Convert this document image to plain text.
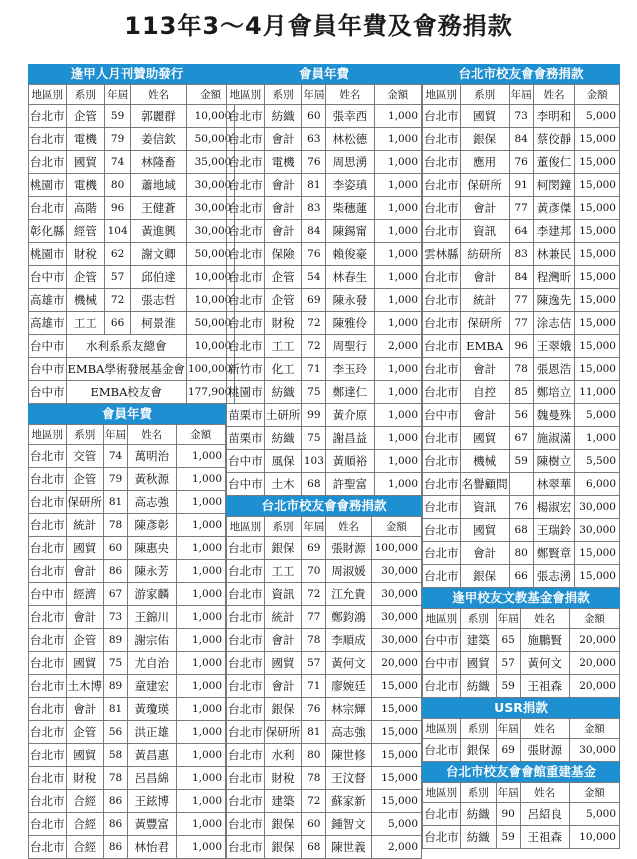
113年3～4月會員年費及會務捐款
逢甲人月刊贊助發行
地區別	系別	年屆	姓名	金額
台北市	企管	59	郭麗群	10,000
台北市	電機	79	姜信欽	50,000
台北市	國貿	74	林隆畜	35,000
桃園市	電機	80	蕭地域	30,000
台北市	高階	96	王健蒼	30,000
彰化縣	經管	104	黃進興	30,000
桃園市	財稅	62	謝文卿	50,000
台中市	企管	57	邱伯達	10,000
高雄市	機械	72	張志哲	10,000
高雄市	工工	66	柯景淮	50,000
台中市	水利系系友總會			10,000
台中市	EMBA學術發展基金會			100,000
台中市	EMBA校友會			177,900
會員年費
地區別	系別	年屆	姓名	金額
台北市	交管	74	萬明治	1,000
台北市	企管	79	黃秋源	1,000
台北市	保研所	81	高志強	1,000
台北市	統計	78	陳彥彰	1,000
台北市	國貿	60	陳惠央	1,000
台北市	會計	86	陳永芳	1,000
台中市	經濟	67	游家麟	1,000
台北市	會計	73	王錦川	1,000
台北市	企管	89	謝宗佑	1,000
台北市	國貿	75	尤自治	1,000
台北市	土木博	89	童建宏	1,000
台北市	會計	81	黃瓊瑛	1,000
台北市	企管	56	洪正雄	1,000
台北市	國貿	58	黃昌惠	1,000
台北市	財稅	78	呂昌綿	1,000
台北市	合經	86	王鉉博	1,000
台北市	合經	86	黃豐富	1,000
台北市	合經	86	林怡君	1,000
會員年費
地區別	系別	年屆	姓名	金額
台北市	紡織	60	張幸西	1,000
台北市	會計	63	林松德	1,000
台北市	電機	76	周思湧	1,000
台北市	會計	81	李姿瑱	1,000
台北市	會計	83	柴穗蓮	1,000
台北市	會計	84	陳錫甯	1,000
台北市	保險	76	賴俊豪	1,000
台北市	企管	54	林春生	1,000
台北市	企管	69	陳永發	1,000
台北市	財稅	72	陳雅伶	1,000
台北市	工工	72	周聖行	2,000
新竹市	化工	71	李玉玲	1,000
桃園市	紡織	75	鄭達仁	1,000
苗栗市	土研所	99	黃介原	1,000
苗栗市	紡織	75	謝昌益	1,000
台中市	風保	103	黃順裕	1,000
台中市	土木	68	許聖富	1,000
台北市校友會會務捐款
地區別	系別	年屆	姓名	金額
台北市	銀保	69	張財源	100,000
台北市	工工	70	周淑媛	30,000
台北市	資訊	72	江允貴	30,000
台北市	統計	77	鄭鈞鴻	30,000
台北市	會計	78	李順成	30,000
台北市	國貿	57	黃何文	20,000
台北市	會計	71	廖婉廷	15,000
台北市	銀保	76	林宗輝	15,000
台北市	保研所	81	高志強	15,000
台北市	水利	80	陳世修	15,000
台北市	財稅	78	王汶督	15,000
台北市	建築	72	蘇家新	15,000
台北市	銀保	60	鍾智文	5,000
台北市	銀保	68	陳世義	2,000
台北市校友會會務捐款
地區別	系別	年屆	姓名	金額
台北市	國貿	73	李明和	5,000
台北市	銀保	84	蔡佼靜	15,000
台北市	應用	76	董俊仁	15,000
台北市	保研所	91	柯閔鐘	15,000
台北市	會計	77	黃彥傑	15,000
台北市	資訊	64	李建邦	15,000
雲林縣	紡研所	83	林兼民	15,000
台北市	會計	84	程灣昕	15,000
台北市	統計	77	陳逸先	15,000
台北市	保研所	77	涂志佶	15,000
台北市	EMBA	96	王翠娥	15,000
台北市	會計	78	張恩浩	15,000
台北市	自控	85	鄭培立	11,000
台中市	會計	56	魏曼殊	5,000
台北市	國貿	67	施淑滿	1,000
台北市	機械	59	陳樹立	5,500
台北市	名譽顧問		林翠華	6,000
台北市	資訊	76	楊淑宏	30,000
台北市	國貿	68	王瑞鈴	30,000
台北市	會計	80	鄭賢章	15,000
台北市	銀保	66	張志湧	15,000
逢甲校友文教基金會捐款
地區別	系別	年屆	姓名	金額
台中市	建築	65	施鵬賢	20,000
台中市	國貿	57	黃何文	20,000
台北市	紡織	59	王祖森	20,000
USR捐款
地區別	系別	年屆	姓名	金額
台北市	銀保	69	張財源	30,000
台北市校友會會館重建基金
地區別	系別	年屆	姓名	金額
台北市	紡織	90	呂紹良	5,000
台北市	紡織	59	王祖森	10,000
